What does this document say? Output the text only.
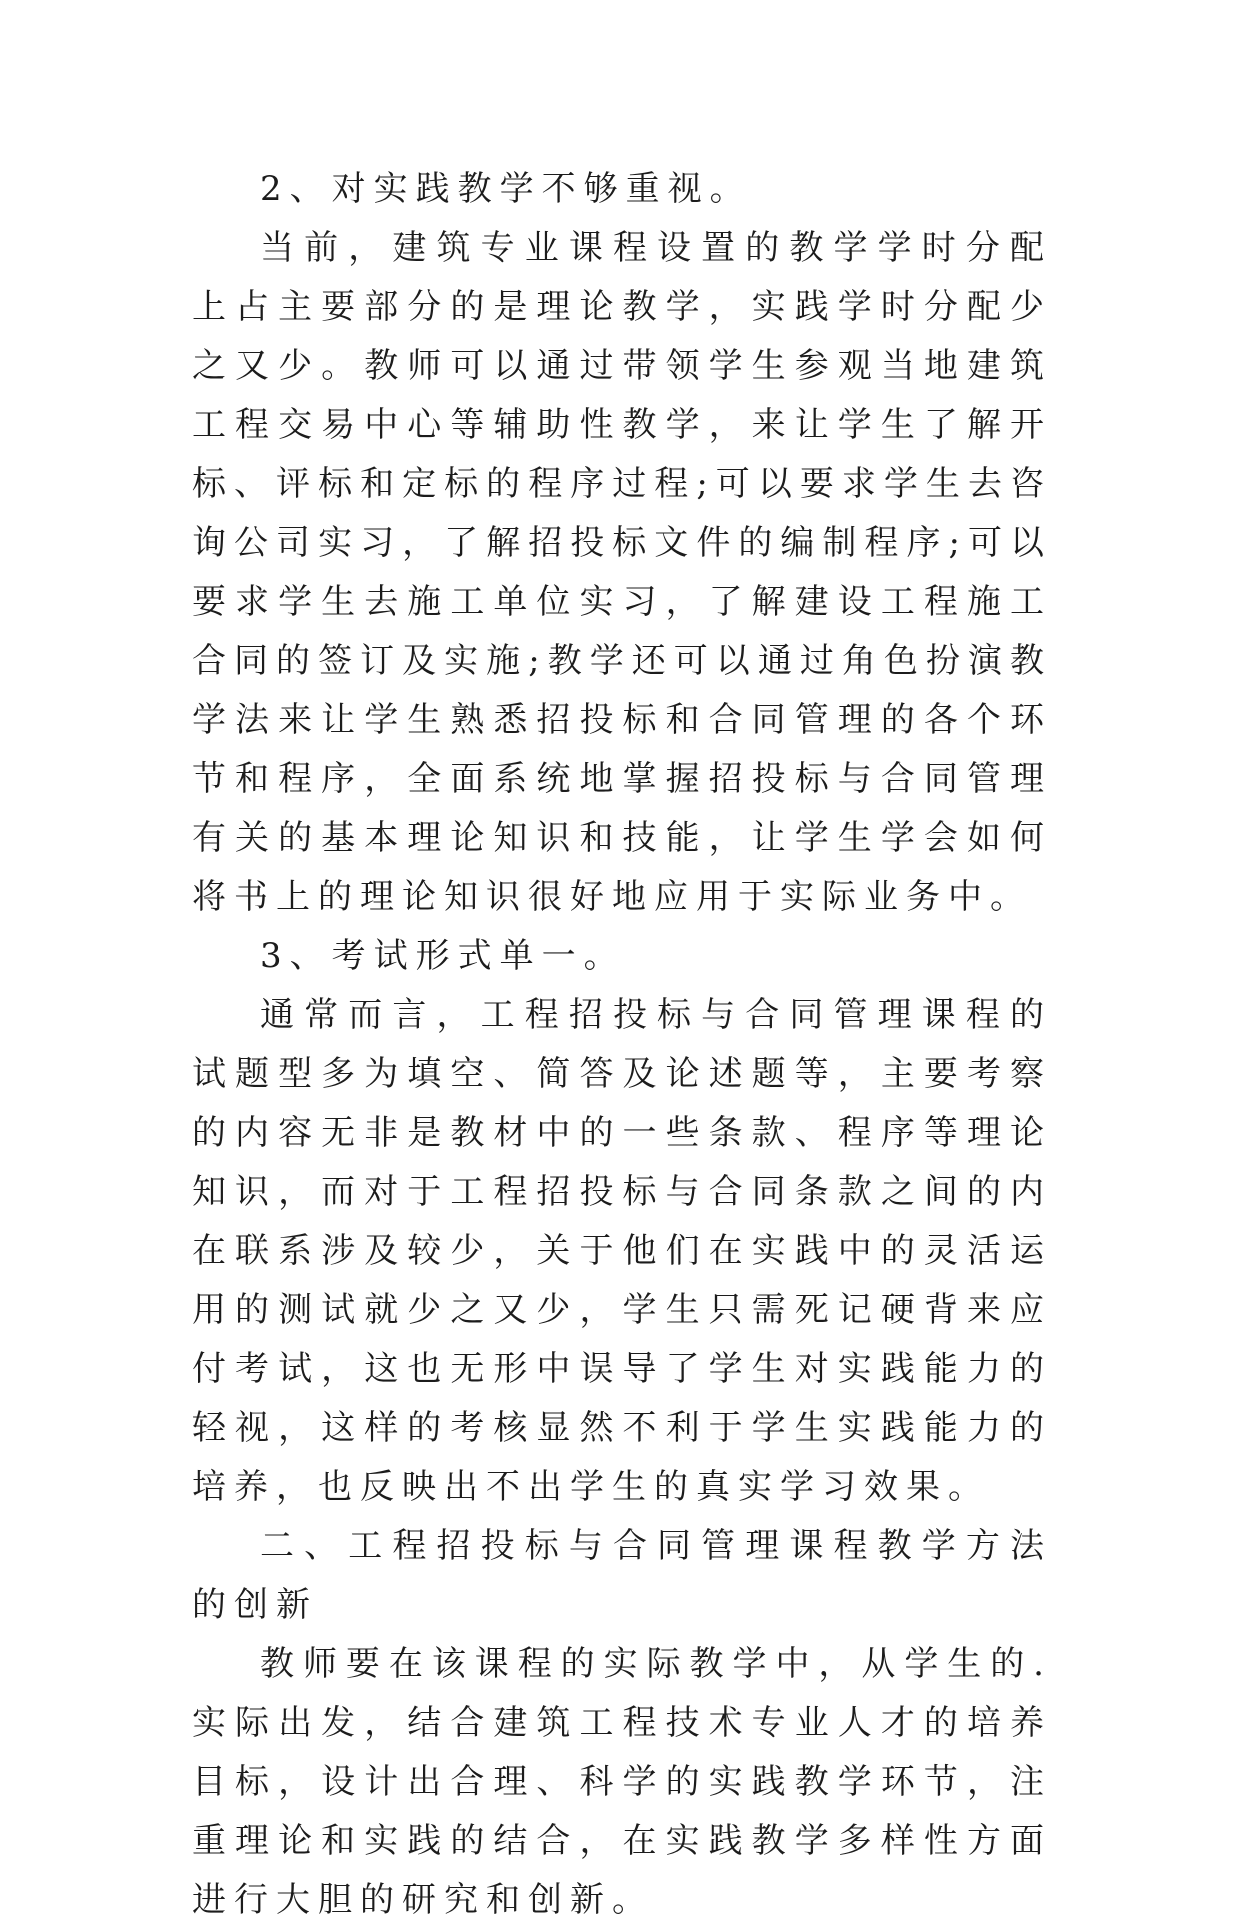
2、对实践教学不够重视。

当前，建筑专业课程设置的教学学时分配上占主要部分的是理论教学，实践学时分配少之又少。教师可以通过带领学生参观当地建筑工程交易中心等辅助性教学，来让学生了解开标、评标和定标的程序过程;可以要求学生去咨询公司实习，了解招投标文件的编制程序;可以要求学生去施工单位实习，了解建设工程施工合同的签订及实施;教学还可以通过角色扮演教学法来让学生熟悉招投标和合同管理的各个环节和程序，全面系统地掌握招投标与合同管理有关的基本理论知识和技能，让学生学会如何将书上的理论知识很好地应用于实际业务中。

3、考试形式单一。

通常而言，工程招投标与合同管理课程的试题型多为填空、简答及论述题等，主要考察的内容无非是教材中的一些条款、程序等理论知识，而对于工程招投标与合同条款之间的内在联系涉及较少，关于他们在实践中的灵活运用的测试就少之又少，学生只需死记硬背来应付考试，这也无形中误导了学生对实践能力的轻视，这样的考核显然不利于学生实践能力的培养，也反映出不出学生的真实学习效果。

二、工程招投标与合同管理课程教学方法的创新

教师要在该课程的实际教学中，从学生的.实际出发，结合建筑工程技术专业人才的培养目标，设计出合理、科学的实践教学环节，注重理论和实践的结合，在实践教学多样性方面进行大胆的研究和创新。
